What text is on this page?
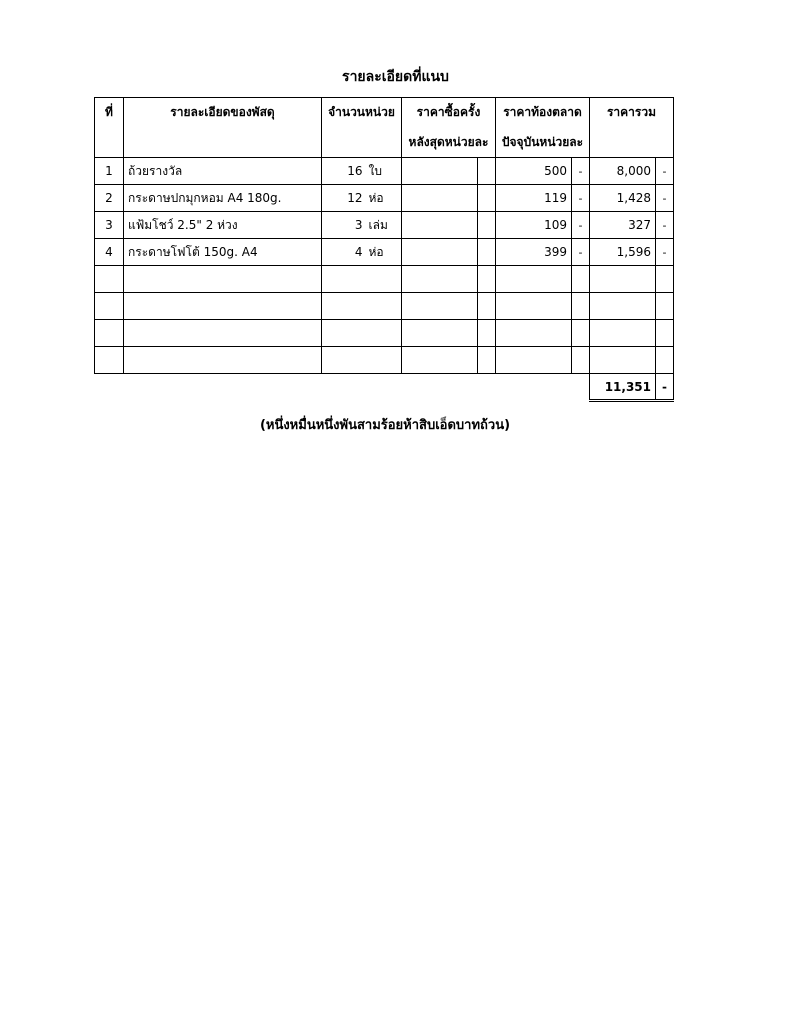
รายละเอียดที่แนบ
ที่	รายละเอียดของพัสดุ	จำนวนหน่วย		ราคาซื้อครั้ง		ราคาท้องตลาด		ราคารวม	
				หลังสุดหน่วยละ		ปัจจุบันหน่วยละ			
1	ถ้วยรางวัล	16	ใบ			500	-	8,000	-
2	กระดาษปกมุกหอม A4 180g.	12	ห่อ			119	-	1,428	-
3	แฟ้มโชว์ 2.5" 2 ห่วง	3	เล่ม			109	-	327	-
4	กระดาษโฟโต้ 150g. A4	4	ห่อ			399	-	1,596	-

								11,351	-
(หนึ่งหมื่นหนึ่งพันสามร้อยห้าสิบเอ็ดบาทถ้วน)
